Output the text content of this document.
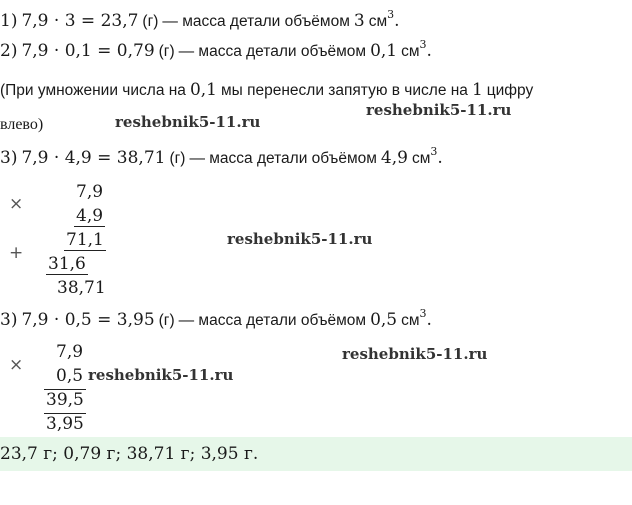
1) 7,9 · 3 = 23,7 (г) — масса детали объёмом 3 $см^3$.
2) 7,9 · 0,1 = 0,79 (г) — масса детали объёмом 0,1 $см^3$.
(При умножении числа на 0,1 мы перенесли запятую в числе на 1 цифру
влево)	reshebnik5-11.ru
reshebnik5-11.ru
3) 7,9 · 4,9 = 38,71 (г) — масса детали объёмом 4,9 $см^3$.
×
+
7,9
4,9
71,1
31,6
38,71
reshebnik5-11.ru
3) 7,9 · 0,5 = 3,95 (г) — масса детали объёмом 0,5 $см^3$.
×
7,9
0,5
39,5
3,95
reshebnik5-11.ru
reshebnik5-11.ru
23,7 г; 0,79 г; 38,71 г; 3,95 г.
